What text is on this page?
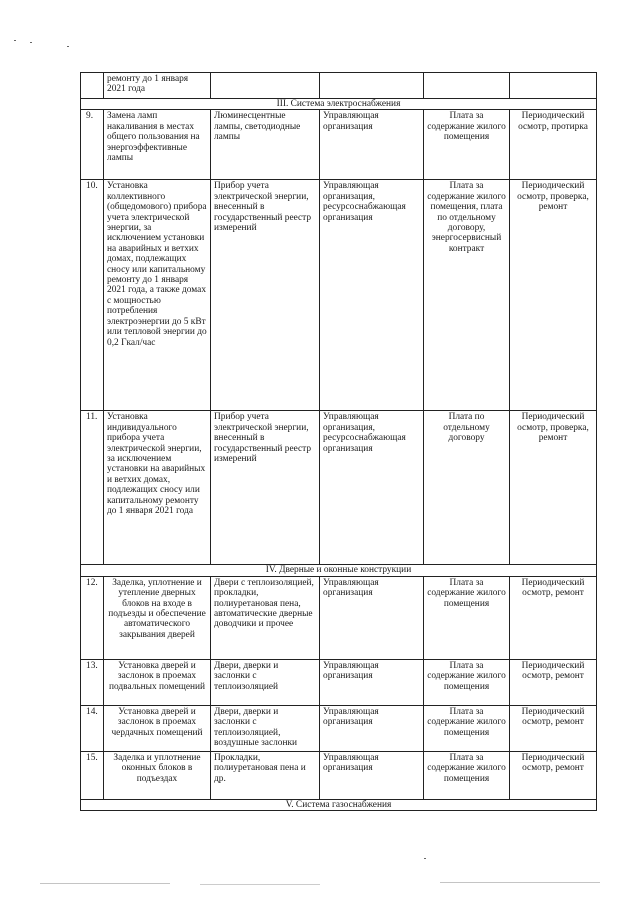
	ремонту до 1 января 2021 года				
III. Система электроснабжения					
9.	Замена ламп накаливания в местах общего пользования на энергоэффективные лампы	Люминесцентные лампы, светодиодные лампы	Управляющая организация	Плата за содержание жилого помещения	Периодический осмотр, протирка
10.	Установка коллективного (общедомового) прибора учета электрической энергии, за исключением установки на аварийных и ветхих домах, подлежащих сносу или капитальному ремонту до 1 января 2021 года, а также домах с мощностью потребления электроэнергии до 5 кВт или тепловой энергии до 0,2 Гкал/час	Прибор учета электрической энергии, внесенный в государственный реестр измерений	Управляющая организация, ресурсоснабжающая организация	Плата за содержание жилого помещения, плата по отдельному договору, энергосервисный контракт	Периодический осмотр, проверка, ремонт
11.	Установка индивидуального прибора учета электрической энергии, за исключением установки на аварийных и ветхих домах, подлежащих сносу или капитальному ремонту до 1 января 2021 года	Прибор учета электрической энергии, внесенный в государственный реестр измерений	Управляющая организация, ресурсоснабжающая организация	Плата по отдельному договору	Периодический осмотр, проверка, ремонт
IV. Дверные и оконные конструкции					
12.	Заделка, уплотнение и утепление дверных блоков на входе в подъезды и обеспечение автоматического закрывания дверей	Двери с теплоизоляцией, прокладки, полиуретановая пена, автоматические дверные доводчики и прочее	Управляющая организация	Плата за содержание жилого помещения	Периодический осмотр, ремонт
13.	Установка дверей и заслонок в проемах подвальных помещений	Двери, дверки и заслонки с теплоизоляцией	Управляющая организация	Плата за содержание жилого помещения	Периодический осмотр, ремонт
14.	Установка дверей и заслонок в проемах чердачных помещений	Двери, дверки и заслонки с теплоизоляцией, воздушные заслонки	Управляющая организация	Плата за содержание жилого помещения	Периодический осмотр, ремонт
15.	Заделка и уплотнение оконных блоков в подъездах	Прокладки, полиуретановая пена и др.	Управляющая организация	Плата за содержание жилого помещения	Периодический осмотр, ремонт
V. Система газоснабжения					
